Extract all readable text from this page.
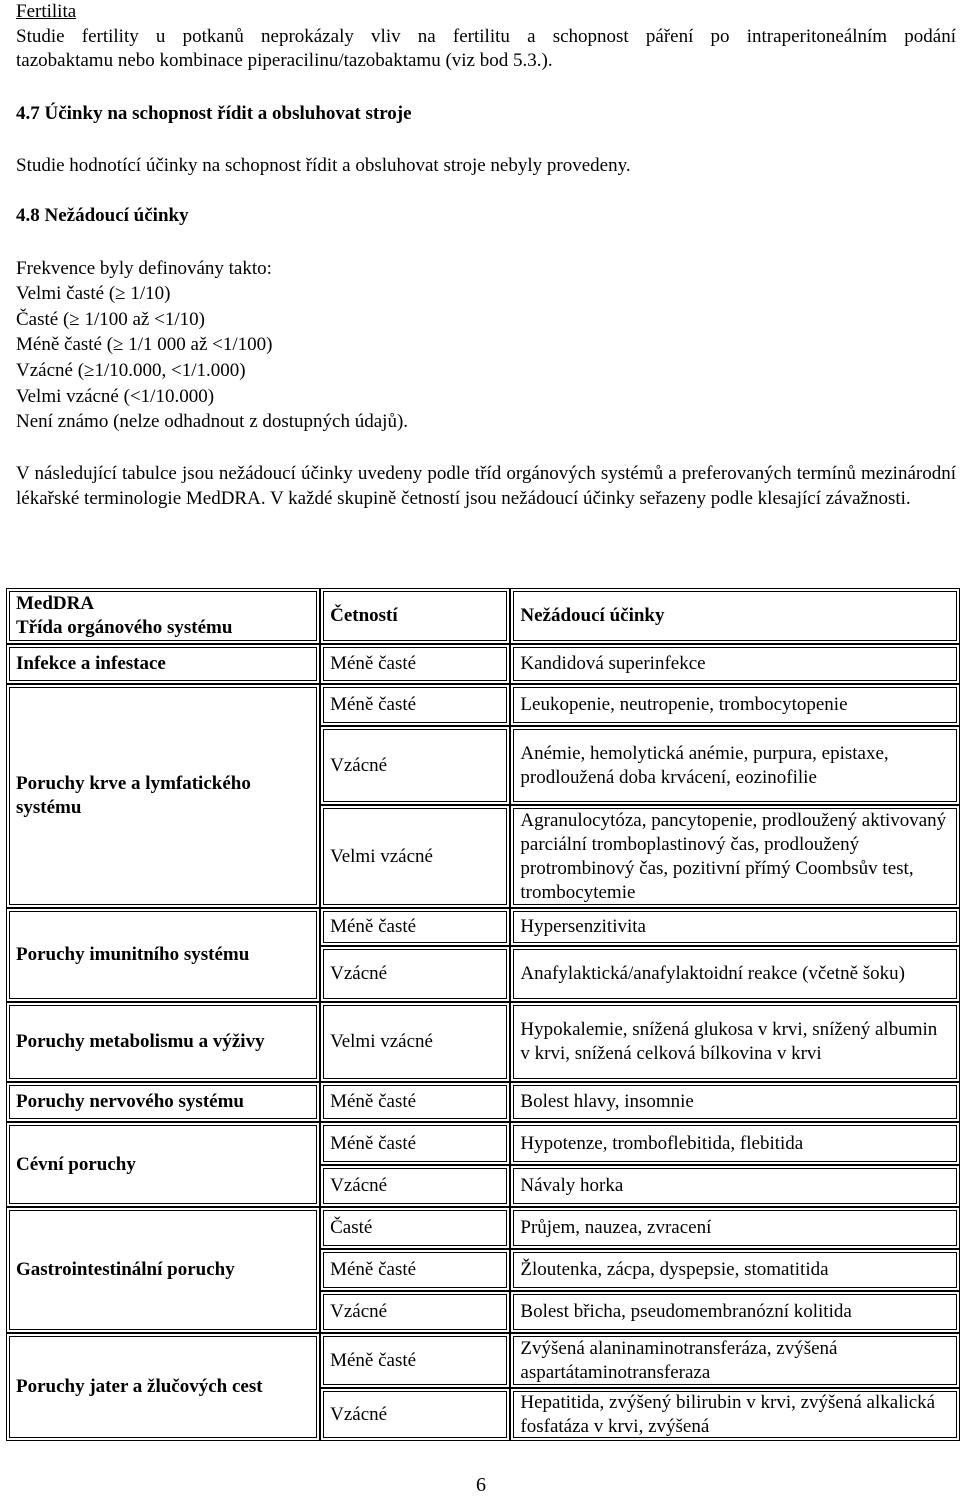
Fertilita
Studie fertility u potkanů neprokázaly vliv na fertilitu a schopnost páření po intraperitoneálním podání
tazobaktamu nebo kombinace piperacilinu/tazobaktamu (viz bod 5.3.).
4.7 Účinky na schopnost řídit a obsluhovat stroje
Studie hodnotící účinky na schopnost řídit a obsluhovat stroje nebyly provedeny.
4.8 Nežádoucí účinky
Frekvence byly definovány takto:
Velmi časté (≥ 1/10)
Časté (≥ 1/100 až <1/10)
Méně časté (≥ 1/1 000 až <1/100)
Vzácné (≥1/10.000, <1/1.000)
Velmi vzácné (<1/10.000)
Není známo (nelze odhadnout z dostupných údajů).
V následující tabulce jsou nežádoucí účinky uvedeny podle tříd orgánových systémů a preferovaných termínů mezinárodní lékařské terminologie MedDRA. V každé skupině četností jsou nežádoucí účinky seřazeny podle klesající závažnosti.
MedDRA
Třída orgánového systému	Četností	Nežádoucí účinky
Infekce a infestace	Méně časté	Kandidová superinfekce
Poruchy krve a lymfatického systému	Méně časté	Leukopenie, neutropenie, trombocytopenie
	Vzácné	Anémie, hemolytická anémie, purpura, epistaxe, prodloužená doba krvácení, eozinofilie
	Velmi vzácné	Agranulocytóza, pancytopenie, prodloužený aktivovaný parciální tromboplastinový čas, prodloužený protrombinový čas, pozitivní přímý Coombsův test, trombocytemie
Poruchy imunitního systému	Méně časté	Hypersenzitivita
	Vzácné	Anafylaktická/anafylaktoidní reakce (včetně šoku)
Poruchy metabolismu a výživy	Velmi vzácné	Hypokalemie, snížená glukosa v krvi, snížený albumin v krvi, snížená celková bílkovina v krvi
Poruchy nervového systému	Méně časté	Bolest hlavy, insomnie
Cévní poruchy	Méně časté	Hypotenze, tromboflebitida, flebitida
	Vzácné	Návaly horka
Gastrointestinální poruchy	Časté	Průjem, nauzea, zvracení
	Méně časté	Žloutenka, zácpa, dyspepsie, stomatitida
	Vzácné	Bolest břicha, pseudomembranózní kolitida
Poruchy jater a žlučových cest	Méně časté	Zvýšená alaninaminotransferáza, zvýšená aspartátaminotransferaza
	Vzácné	Hepatitida, zvýšený bilirubin v krvi, zvýšená alkalická fosfatáza v krvi, zvýšená
6
